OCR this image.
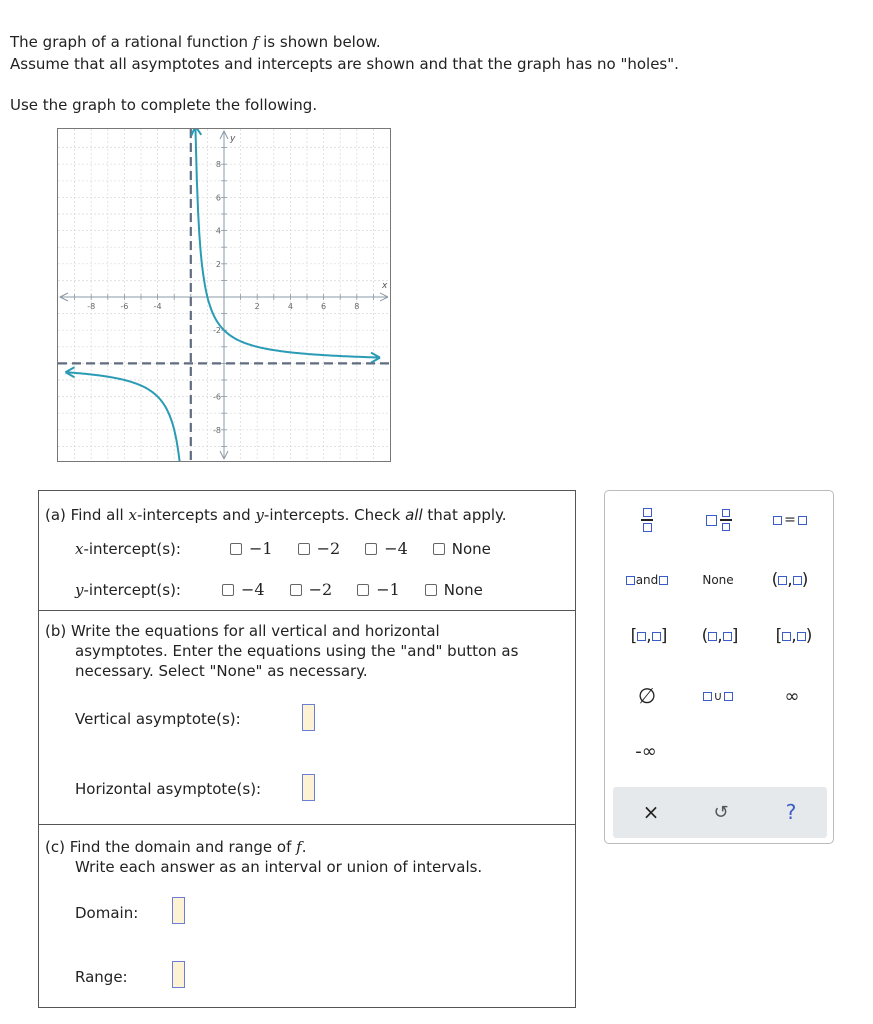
The graph of a rational function f is shown below.

Assume that all asymptotes and intercepts are shown and that the graph has no "holes".

Use the graph to complete the following.

-8	-6	-4	2	4	6	8
8
6
4
2
-2
-6
-8
x
y
(a) Find all x-intercepts and y-intercepts. Check all that apply.
x-intercept(s):	−1	−2	−4	None
y-intercept(s):	−4	−2	−1	None
(b) Write the equations for all vertical and horizontal
asymptotes. Enter the equations using the "and" button as
necessary. Select "None" as necessary.
Vertical asymptote(s):
Horizontal asymptote(s):
(c) Find the domain and range of f.
Write each answer as an interval or union of intervals.
Domain:
Range:
=
and	None	( , )
[ , ] ( , ] [ , )
∅	∪	∞
-∞
×	↺	?
